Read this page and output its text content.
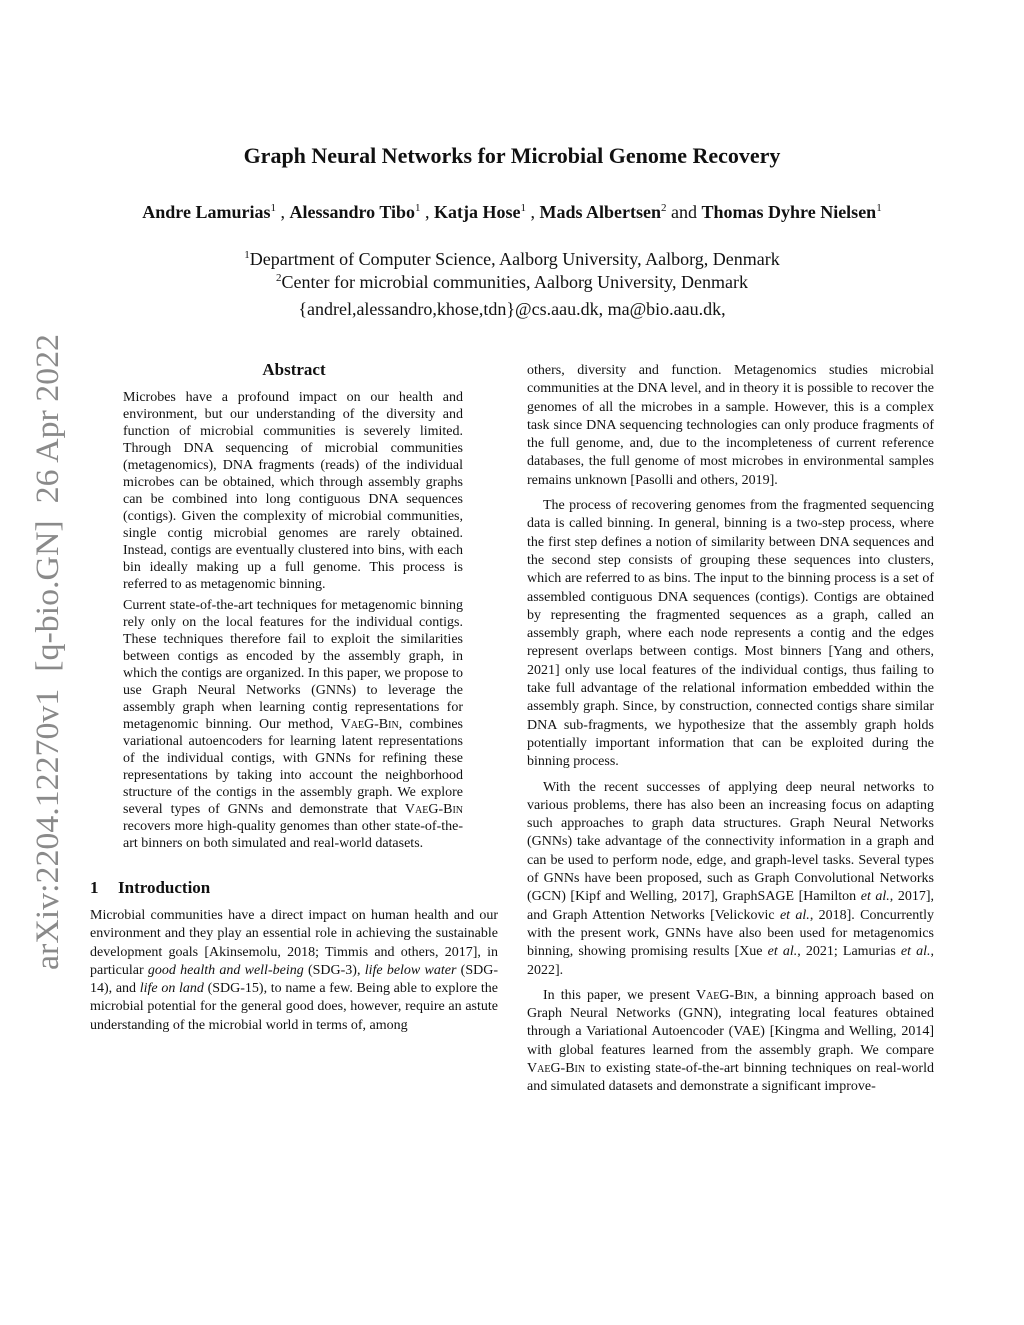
arXiv:2204.12270v1  [q-bio.GN]  26 Apr 2022
Graph Neural Networks for Microbial Genome Recovery
Andre Lamurias$^1$ , Alessandro Tibo$^1$ , Katja Hose$^1$ , Mads Albertsen$^2$ and Thomas Dyhre Nielsen$^1$
$^1$Department of Computer Science, Aalborg University, Aalborg, Denmark
$^2$Center for microbial communities, Aalborg University, Denmark
{andrel,alessandro,khose,tdn}@cs.aau.dk, ma@bio.aau.dk,
Abstract

Microbes have a profound impact on our health and environment, but our understanding of the diversity and function of microbial communities is severely limited. Through DNA sequencing of microbial communities (metagenomics), DNA fragments (reads) of the individual microbes can be obtained, which through assembly graphs can be combined into long contiguous DNA sequences (contigs). Given the complexity of microbial communities, single contig microbial genomes are rarely obtained. Instead, contigs are eventually clustered into bins, with each bin ideally making up a full genome. This process is referred to as metagenomic binning.

Current state-of-the-art techniques for metagenomic binning rely only on the local features for the individual contigs. These techniques therefore fail to exploit the similarities between contigs as encoded by the assembly graph, in which the contigs are organized. In this paper, we propose to use Graph Neural Networks (GNNs) to leverage the assembly graph when learning contig representations for metagenomic binning. Our method, VaeG-Bin, combines variational autoencoders for learning latent representations of the individual contigs, with GNNs for refining these representations by taking into account the neighborhood structure of the contigs in the assembly graph. We explore several types of GNNs and demonstrate that VaeG-Bin recovers more high-quality genomes than other state-of-the-art binners on both simulated and real-world datasets.

1 Introduction

Microbial communities have a direct impact on human health and our environment and they play an essential role in achieving the sustainable development goals [Akinsemolu, 2018; Timmis and others, 2017], in particular good health and well-being (SDG-3), life below water (SDG-14), and life on land (SDG-15), to name a few. Being able to explore the microbial potential for the general good does, however, require an astute understanding of the microbial world in terms of, among

others, diversity and function. Metagenomics studies microbial communities at the DNA level, and in theory it is possible to recover the genomes of all the microbes in a sample. However, this is a complex task since DNA sequencing technologies can only produce fragments of the full genome, and, due to the incompleteness of current reference databases, the full genome of most microbes in environmental samples remains unknown [Pasolli and others, 2019].

The process of recovering genomes from the fragmented sequencing data is called binning. In general, binning is a two-step process, where the first step defines a notion of similarity between DNA sequences and the second step consists of grouping these sequences into clusters, which are referred to as bins. The input to the binning process is a set of assembled contiguous DNA sequences (contigs). Contigs are obtained by representing the fragmented sequences as a graph, called an assembly graph, where each node represents a contig and the edges represent overlaps between contigs. Most binners [Yang and others, 2021] only use local features of the individual contigs, thus failing to take full advantage of the relational information embedded within the assembly graph. Since, by construction, connected contigs share similar DNA sub-fragments, we hypothesize that the assembly graph holds potentially important information that can be exploited during the binning process.

With the recent successes of applying deep neural networks to various problems, there has also been an increasing focus on adapting such approaches to graph data structures. Graph Neural Networks (GNNs) take advantage of the connectivity information in a graph and can be used to perform node, edge, and graph-level tasks. Several types of GNNs have been proposed, such as Graph Convolutional Networks (GCN) [Kipf and Welling, 2017], GraphSAGE [Hamilton et al., 2017], and Graph Attention Networks [Velickovic et al., 2018]. Concurrently with the present work, GNNs have also been used for metagenomics binning, showing promising results [Xue et al., 2021; Lamurias et al., 2022].

In this paper, we present VaeG-Bin, a binning approach based on Graph Neural Networks (GNN), integrating local features obtained through a Variational Autoencoder (VAE) [Kingma and Welling, 2014] with global features learned from the assembly graph. We compare VaeG-Bin to existing state-of-the-art binning techniques on real-world and simulated datasets and demonstrate a significant improve-
